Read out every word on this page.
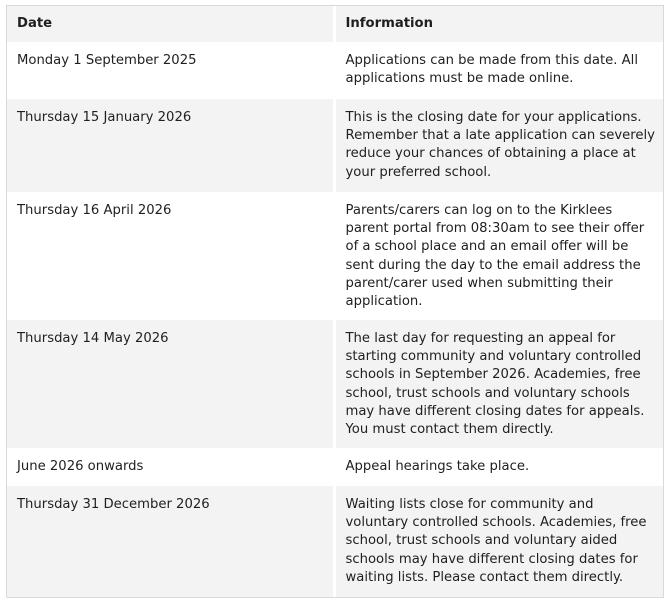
Date	Information
Monday 1 September 2025	Applications can be made from this date. All applications must be made online.
Thursday 15 January 2026	This is the closing date for your applications. Remember that a late application can severely reduce your chances of obtaining a place at your preferred school.
Thursday 16 April 2026	Parents/carers can log on to the Kirklees parent portal from 08:30am to see their offer of a school place and an email offer will be sent during the day to the email address the parent/carer used when submitting their application.
Thursday 14 May 2026	The last day for requesting an appeal for starting community and voluntary controlled schools in September 2026. Academies, free school, trust schools and voluntary schools may have different closing dates for appeals. You must contact them directly.
June 2026 onwards	Appeal hearings take place.
Thursday 31 December 2026	Waiting lists close for community and voluntary controlled schools. Academies, free school, trust schools and voluntary aided schools may have different closing dates for waiting lists. Please contact them directly.
